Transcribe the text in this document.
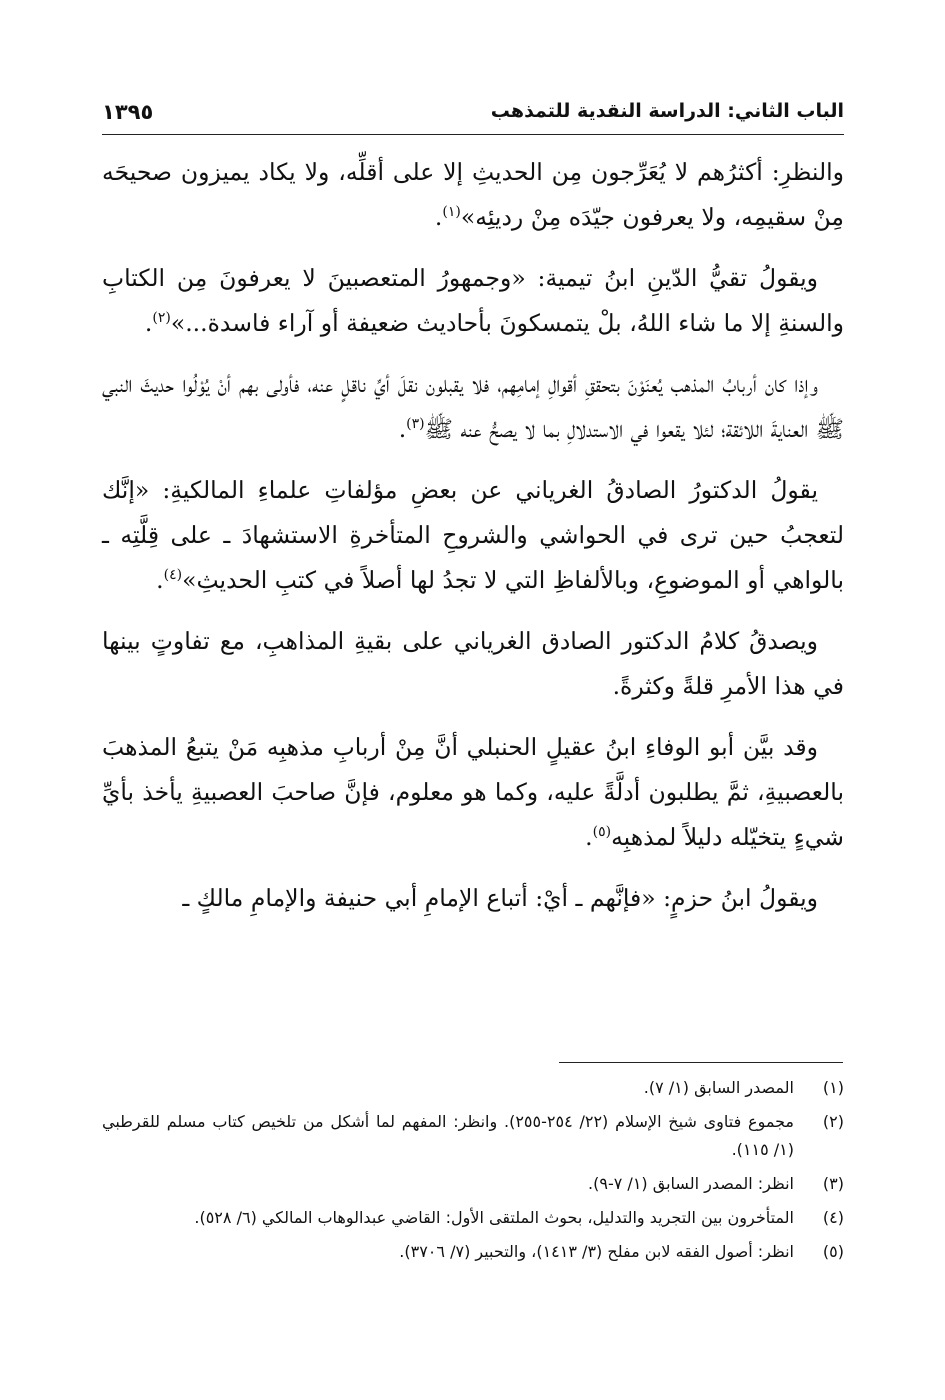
الباب الثاني: الدراسة النقدية للتمذهب
١٣٩٥

والنظرِ: أكثرُهم لا يُعَرِّجون مِن الحديثِ إلا على أقلِّه، ولا يكاد يميزون صحيحَه مِنْ سقيمِه، ولا يعرفون جيّدَه مِنْ رديئِه»$^{(١)}$.

ويقولُ تقيُّ الدّينِ ابنُ تيمية: «وجمهورُ المتعصبينَ لا يعرفونَ مِن الكتابِ والسنةِ إلا ما شاء اللهُ، بلْ يتمسكونَ بأحاديث ضعيفة أو آراء فاسدة...»$^{(٢)}$.

وإذا كان أربابُ المذهب يُعنَوْنَ بتحققِ أقوالِ إمامِهم، فلا يقبلون نقلَ أيِّ ناقلٍ عنه، فأولى بهم أنْ يُوْلُوا حديثَ النبي ﷺ العنايةَ اللائقة؛ لئلا يقعوا في الاستدلالِ بما لا يصحُّ عنه ﷺ$^{(٣)}$.

يقولُ الدكتورُ الصادقُ الغرياني عن بعضِ مؤلفاتِ علماءِ المالكيةِ: «إنَّك لتعجبُ حين ترى في الحواشي والشروحِ المتأخرةِ الاستشهادَ ـ على قِلَّتِه ـ بالواهي أو الموضوعِ، وبالألفاظِ التي لا تجدُ لها أصلاً في كتبِ الحديثِ»$^{(٤)}$.

ويصدقُ كلامُ الدكتور الصادق الغرياني على بقيةِ المذاهبِ، مع تفاوتٍ بينها في هذا الأمرِ قلةً وكثرةً.

وقد بيَّن أبو الوفاءِ ابنُ عقيلٍ الحنبلي أنَّ مِنْ أربابِ مذهبِه مَنْ يتبعُ المذهبَ بالعصبيةِ، ثمَّ يطلبون أدلَّةً عليه، وكما هو معلوم، فإنَّ صاحبَ العصبيةِ يأخذ بأيِّ شيءٍ يتخيّله دليلاً لمذهبِه$^{(٥)}$.

ويقولُ ابنُ حزمٍ: «فإنَّهم ـ أيْ: أتباع الإمامِ أبي حنيفة والإمامِ مالكٍ ـ

(١)
المصدر السابق (١/ ٧).
(٢)
مجموع فتاوى شيخ الإسلام (٢٢/ ٢٥٤-٢٥٥). وانظر: المفهم لما أشكل من تلخيص كتاب مسلم للقرطبي (١/ ١١٥).
(٣)
انظر: المصدر السابق (١/ ٧-٩).
(٤)
المتأخرون بين التجريد والتدليل، بحوث الملتقى الأول: القاضي عبدالوهاب المالكي (٦/ ٥٢٨).
(٥)
انظر: أصول الفقه لابن مفلح (٣/ ١٤١٣)، والتحبير (٧/ ٣٧٠٦).
